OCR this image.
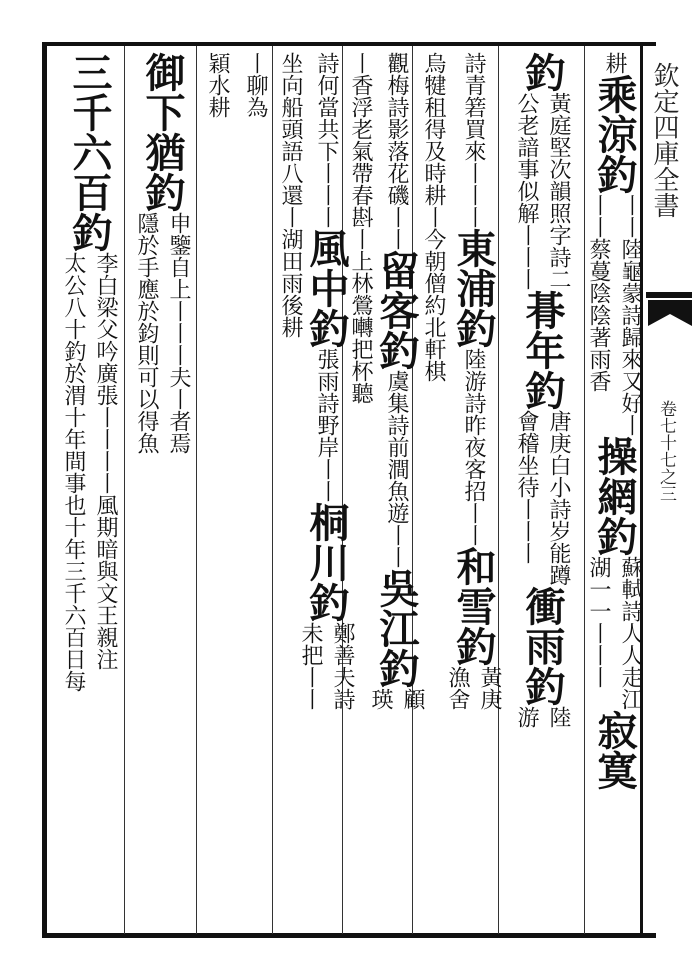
欽定四庫全書
卷七十七之三
耕
乘涼釣
丨丨陸龜蒙詩歸來又好丨
丨丨蔡蔓陰陰著雨香
操網釣
蘇軾詩人人走江
湖一一丨丨丨
寂寞
釣
黃庭堅次韻照字詩二
公老諳事似解丨丨丨
朞年釣
唐庚白小詩岁能蹲
會稽坐待丨丨丨
衝雨釣
陸
游
詩青箬買來丨丨丨
東浦釣
陸游詩昨夜客招丨丨
和雪釣
黃庚
漁舍
烏犍租得及時耕
丨今朝僧約北軒棋
觀梅詩影落花磯丨丨
留客釣
虞集詩前澗魚遊丨丨
吳江釣
顧
瑛
丨香浮老氣帶春斟
丨上林鶯囀把杯聽
詩何當共下丨丨丨
風中釣
張雨詩野岸丨丨
桐川釣
鄭善夫詩
未把丨丨
坐向船頭語八還
丨湖田雨後耕
丨聊為
穎水耕
御下猶釣
申鑒自上丨丨丨夫丨者焉
隱於手應於鈞則可以得魚
三千六百釣
李白梁父吟廣張丨丨丨丨風期暗與文王親注
太公八十釣於渭十年間事也十年三千六百日每
